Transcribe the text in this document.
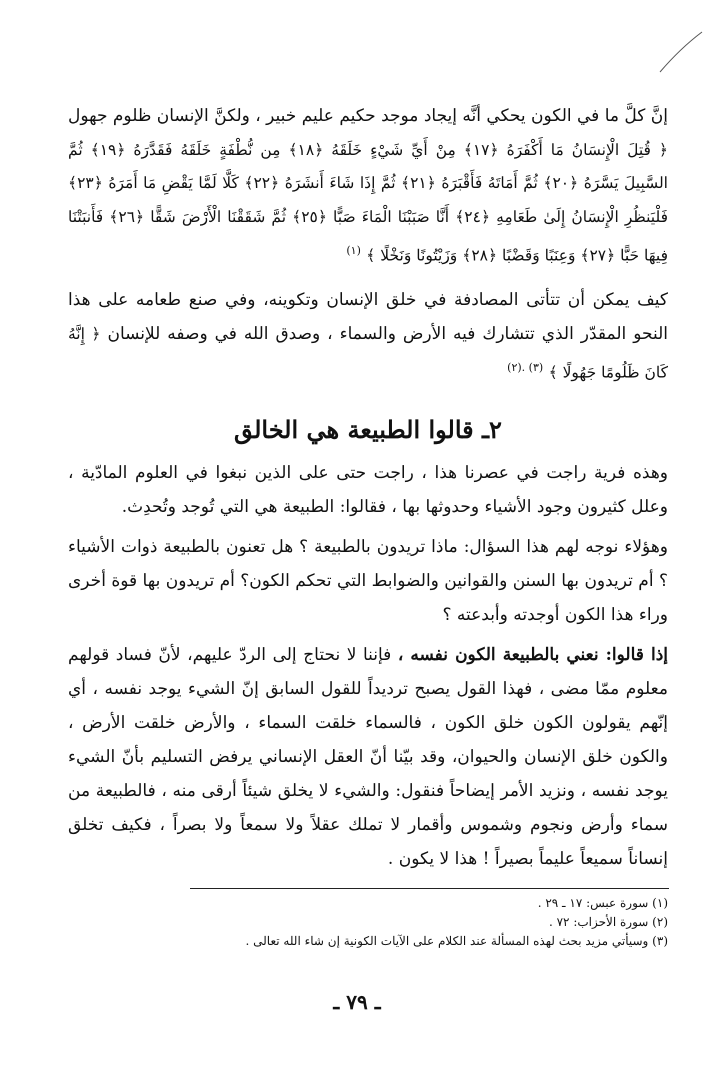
إنَّ كلَّ ما في الكون يحكي أنَّه إيجاد موجد حكيم عليم خبير ، ولكنَّ الإنسان ظلوم جهول ﴿ قُتِلَ الْإِنسَانُ مَا أَكْفَرَهُ ﴿١٧﴾ مِنْ أَيِّ شَيْءٍ خَلَقَهُ ﴿١٨﴾ مِن نُّطْفَةٍ خَلَقَهُ فَقَدَّرَهُ ﴿١٩﴾ ثُمَّ السَّبِيلَ يَسَّرَهُ ﴿٢٠﴾ ثُمَّ أَمَاتَهُ فَأَقْبَرَهُ ﴿٢١﴾ ثُمَّ إِذَا شَاءَ أَنشَرَهُ ﴿٢٢﴾ كَلَّا لَمَّا يَقْضِ مَا أَمَرَهُ ﴿٢٣﴾ فَلْيَنظُرِ الْإِنسَانُ إِلَىٰ طَعَامِهِ ﴿٢٤﴾ أَنَّا صَبَبْنَا الْمَاءَ صَبًّا ﴿٢٥﴾ ثُمَّ شَقَقْنَا الْأَرْضَ شَقًّا ﴿٢٦﴾ فَأَنبَتْنَا فِيهَا حَبًّا ﴿٢٧﴾ وَعِنَبًا وَقَضْبًا ﴿٢٨﴾ وَزَيْتُونًا وَنَخْلًا ﴾ $^{(١)}$

كيف يمكن أن تتأتى المصادفة في خلق الإنسان وتكوينه، وفي صنع طعامه على هذا النحو المقدّر الذي تتشارك فيه الأرض والسماء ، وصدق الله في وصفه للإنسان ﴿ إِنَّهُ كَانَ ظَلُومًا جَهُولًا ﴾ $^{(٣) .(٢)}$

٢ـ قالوا الطبيعة هي الخالق

وهذه فرية راجت في عصرنا هذا ، راجت حتى على الذين نبغوا في العلوم المادّية ، وعلل كثيرون وجود الأشياء وحدوثها بها ، فقالوا: الطبيعة هي التي تُوجد وتُحدِث.

وهؤلاء نوجه لهم هذا السؤال: ماذا تريدون بالطبيعة ؟ هل تعنون بالطبيعة ذوات الأشياء ؟ أم تريدون بها السنن والقوانين والضوابط التي تحكم الكون؟ أم تريدون بها قوة أخرى وراء هذا الكون أوجدته وأبدعته ؟

إذا قالوا: نعني بالطبيعة الكون نفسه ، فإننا لا نحتاج إلى الردّ عليهم، لأنّ فساد قولهم معلوم ممّا مضى ، فهذا القول يصبح ترديداً للقول السابق إنّ الشيء يوجد نفسه ، أي إنّهم يقولون الكون خلق الكون ، فالسماء خلقت السماء ، والأرض خلقت الأرض ، والكون خلق الإنسان والحيوان، وقد بيّنا أنّ العقل الإنساني يرفض التسليم بأنّ الشيء يوجد نفسه ، ونزيد الأمر إيضاحاً فنقول: والشيء لا يخلق شيئاً أرقى منه ، فالطبيعة من سماء وأرض ونجوم وشموس وأقمار لا تملك عقلاً ولا سمعاً ولا بصراً ، فكيف تخلق إنساناً سميعاً عليماً بصيراً ! هذا لا يكون .

(١) سورة عبس: ١٧ ـ ٢٩ .
(٢) سورة الأحزاب: ٧٢ .
(٣) وسيأتي مزيد بحث لهذه المسألة عند الكلام على الآيات الكونية إن شاء الله تعالى .
ـ ٧٩ ـ
